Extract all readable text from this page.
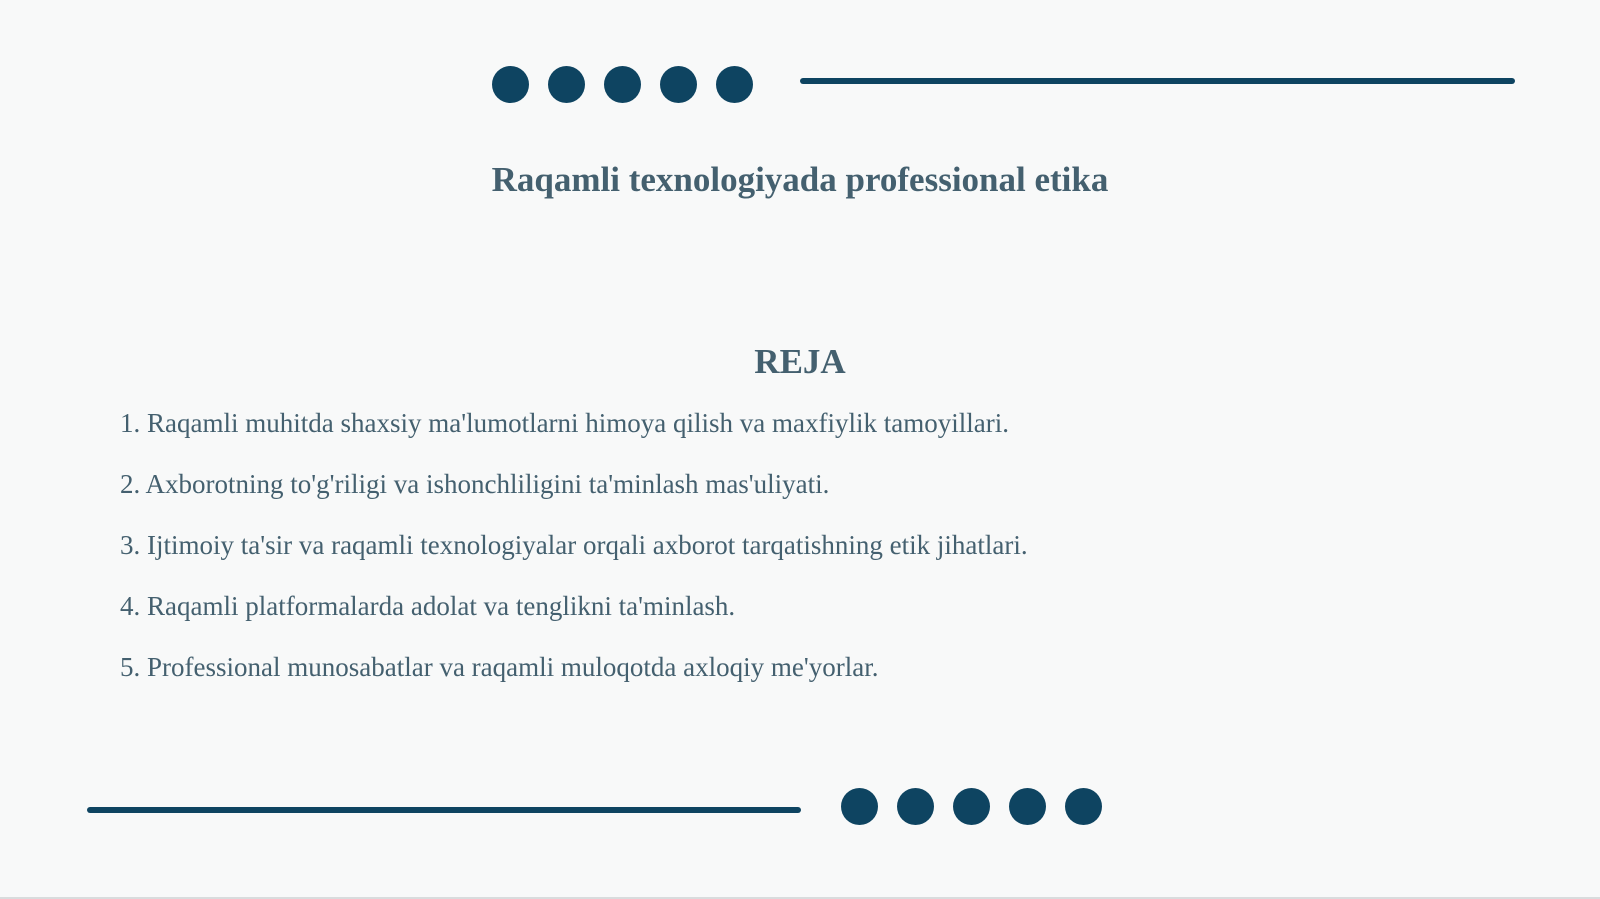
Raqamli texnologiyada professional etika
REJA
1. Raqamli muhitda shaxsiy ma'lumotlarni himoya qilish va maxfiylik tamoyillari.
2. Axborotning to'g'riligi va ishonchliligini ta'minlash mas'uliyati.
3. Ijtimoiy ta'sir va raqamli texnologiyalar orqali axborot tarqatishning etik jihatlari.
4. Raqamli platformalarda adolat va tenglikni ta'minlash.
5. Professional munosabatlar va raqamli muloqotda axloqiy me'yorlar.
